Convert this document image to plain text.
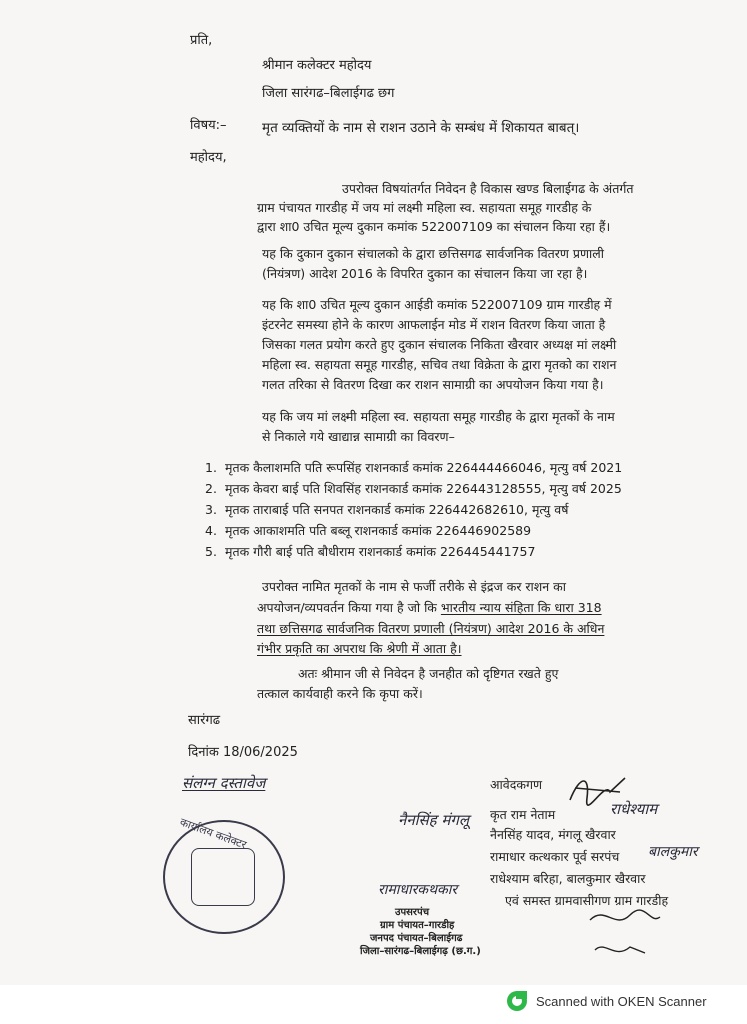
प्रति,
श्रीमान कलेक्टर महोदय
जिला सारंगढ–बिलाईगढ छग
विषय:–	मृत व्यक्तियों के नाम से राशन उठाने के सम्बंध में शिकायत बाबत्।
महोदय,
उपरोक्त विषयांतर्गत निवेदन है विकास खण्ड बिलाईगढ के अंतर्गत
ग्राम पंचायत गारडीह में जय मां लक्ष्मी महिला स्व. सहायता समूह गारडीह के
द्वारा शा0 उचित मूल्य दुकान कमांक 522007109 का संचालन किया रहा हैं।
यह कि दुकान दुकान संचालको के द्वारा छत्तिसगढ सार्वजनिक वितरण प्रणाली
(नियंत्रण) आदेश 2016 के विपरित दुकान का संचालन किया जा रहा है।
यह कि शा0 उचित मूल्य दुकान आईडी कमांक 522007109 ग्राम गारडीह में
इंटरनेट समस्या होने के कारण आफलाईन मोड में राशन वितरण किया जाता है
जिसका गलत प्रयोग करते हुए दुकान संचालक निकिता खैरवार अध्यक्ष मां लक्ष्मी
महिला स्व. सहायता समूह गारडीह, सचिव तथा विक्रेता के द्वारा मृतको का राशन
गलत तरिका से वितरण दिखा कर राशन सामाग्री का अपयोजन किया गया है।
यह कि जय मां लक्ष्मी महिला स्व. सहायता समूह गारडीह के द्वारा मृतकों के नाम
से निकाले गये खाद्यान्न सामाग्री का विवरण–
1. मृतक कैलाशमति पति रूपसिंह राशनकार्ड कमांक 226444466046, मृत्यु वर्ष 2021
2. मृतक केवरा बाई पति शिवसिंह राशनकार्ड कमांक 226443128555, मृत्यु वर्ष 2025
3. मृतक ताराबाई पति सनपत राशनकार्ड कमांक 226442682610, मृत्यु वर्ष
4. मृतक आकाशमति पति बब्लू राशनकार्ड कमांक 226446902589
5. मृतक गौरी बाई पति बौधीराम राशनकार्ड कमांक 226445441757
उपरोक्त नामित मृतकों के नाम से फर्जी तरीके से इंद्रज कर राशन का
अपयोजन/व्यपवर्तन किया गया है जो कि भारतीय न्याय संहिता कि धारा 318
तथा छत्तिसगढ सार्वजनिक वितरण प्रणाली (नियंत्रण) आदेश 2016 के अधिन
गंभीर प्रकृति का अपराध कि श्रेणी में आता है।
अतः श्रीमान जी से निवेदन है जनहीत को दृष्टिगत रखते हुए
तत्काल कार्यवाही करने कि कृपा करें।
सारंगढ
दिनांक 18/06/2025
संलग्न दस्तावेज	आवेदकगण
कृत राम नेताम	राधेश्याम
नैनसिंह मंगलू
नैनसिंह यादव, मंगलू खैरवार
रामाधार कत्थकार पूर्व सरपंच बालकुमार
राधेश्याम बरिहा, बालकुमार खैरवार
एवं समस्त ग्रामवासीगण ग्राम गारडीह
रामाधारकथकार
कार्यालय कलेक्टर
उपसरपंच
ग्राम पंचायत–गारडीह
जनपद पंचायत–बिलाईगढ
जिला–सारंगढ–बिलाईगढ़ (छ.ग.)
Scanned with OKEN Scanner
